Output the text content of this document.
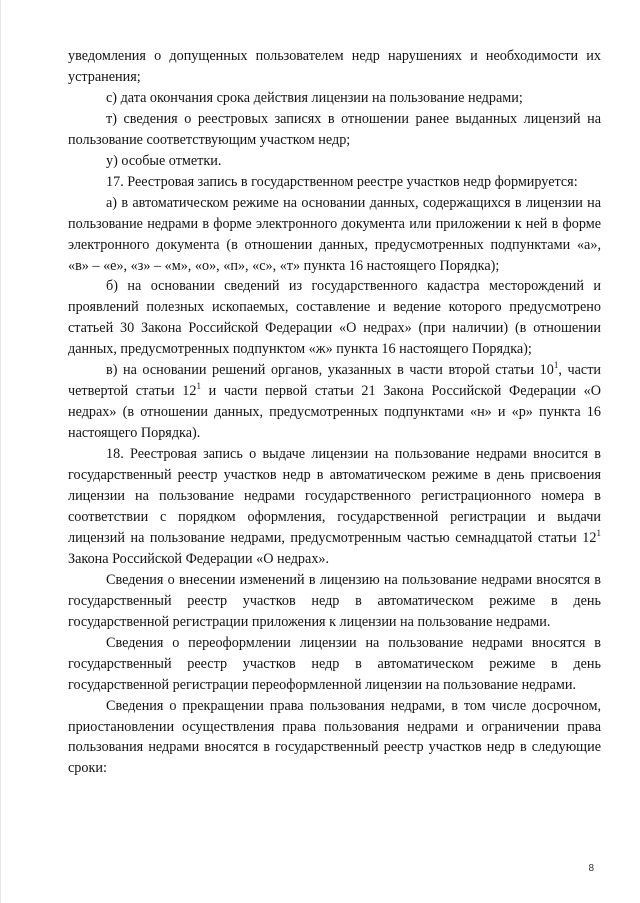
уведомления о допущенных пользователем недр нарушениях и необходимости их устранения;

с) дата окончания срока действия лицензии на пользование недрами;

т) сведения о реестровых записях в отношении ранее выданных лицензий на пользование соответствующим участком недр;

у) особые отметки.

17. Реестровая запись в государственном реестре участков недр формируется:

а) в автоматическом режиме на основании данных, содержащихся в лицензии на пользование недрами в форме электронного документа или приложении к ней в форме электронного документа (в отношении данных, предусмотренных подпунктами «а», «в» – «е», «з» – «м», «о», «п», «с», «т» пункта 16 настоящего Порядка);

б) на основании сведений из государственного кадастра месторождений и проявлений полезных ископаемых, составление и ведение которого предусмотрено статьей 30 Закона Российской Федерации «О недрах» (при наличии) (в отношении данных, предусмотренных подпунктом «ж» пункта 16 настоящего Порядка);

в) на основании решений органов, указанных в части второй статьи $10^1$, части четвертой статьи $12^1$ и части первой статьи 21 Закона Российской Федерации «О недрах» (в отношении данных, предусмотренных подпунктами «н» и «р» пункта 16 настоящего Порядка).

18. Реестровая запись о выдаче лицензии на пользование недрами вносится в государственный реестр участков недр в автоматическом режиме в день присвоения лицензии на пользование недрами государственного регистрационного номера в соответствии с порядком оформления, государственной регистрации и выдачи лицензий на пользование недрами, предусмотренным частью семнадцатой статьи $12^1$ Закона Российской Федерации «О недрах».

Сведения о внесении изменений в лицензию на пользование недрами вносятся в государственный реестр участков недр в автоматическом режиме в день государственной регистрации приложения к лицензии на пользование недрами.

Сведения о переоформлении лицензии на пользование недрами вносятся в государственный реестр участков недр в автоматическом режиме в день государственной регистрации переоформленной лицензии на пользование недрами.

Сведения о прекращении права пользования недрами, в том числе досрочном, приостановлении осуществления права пользования недрами и ограничении права пользования недрами вносятся в государственный реестр участков недр в следующие сроки:

8
